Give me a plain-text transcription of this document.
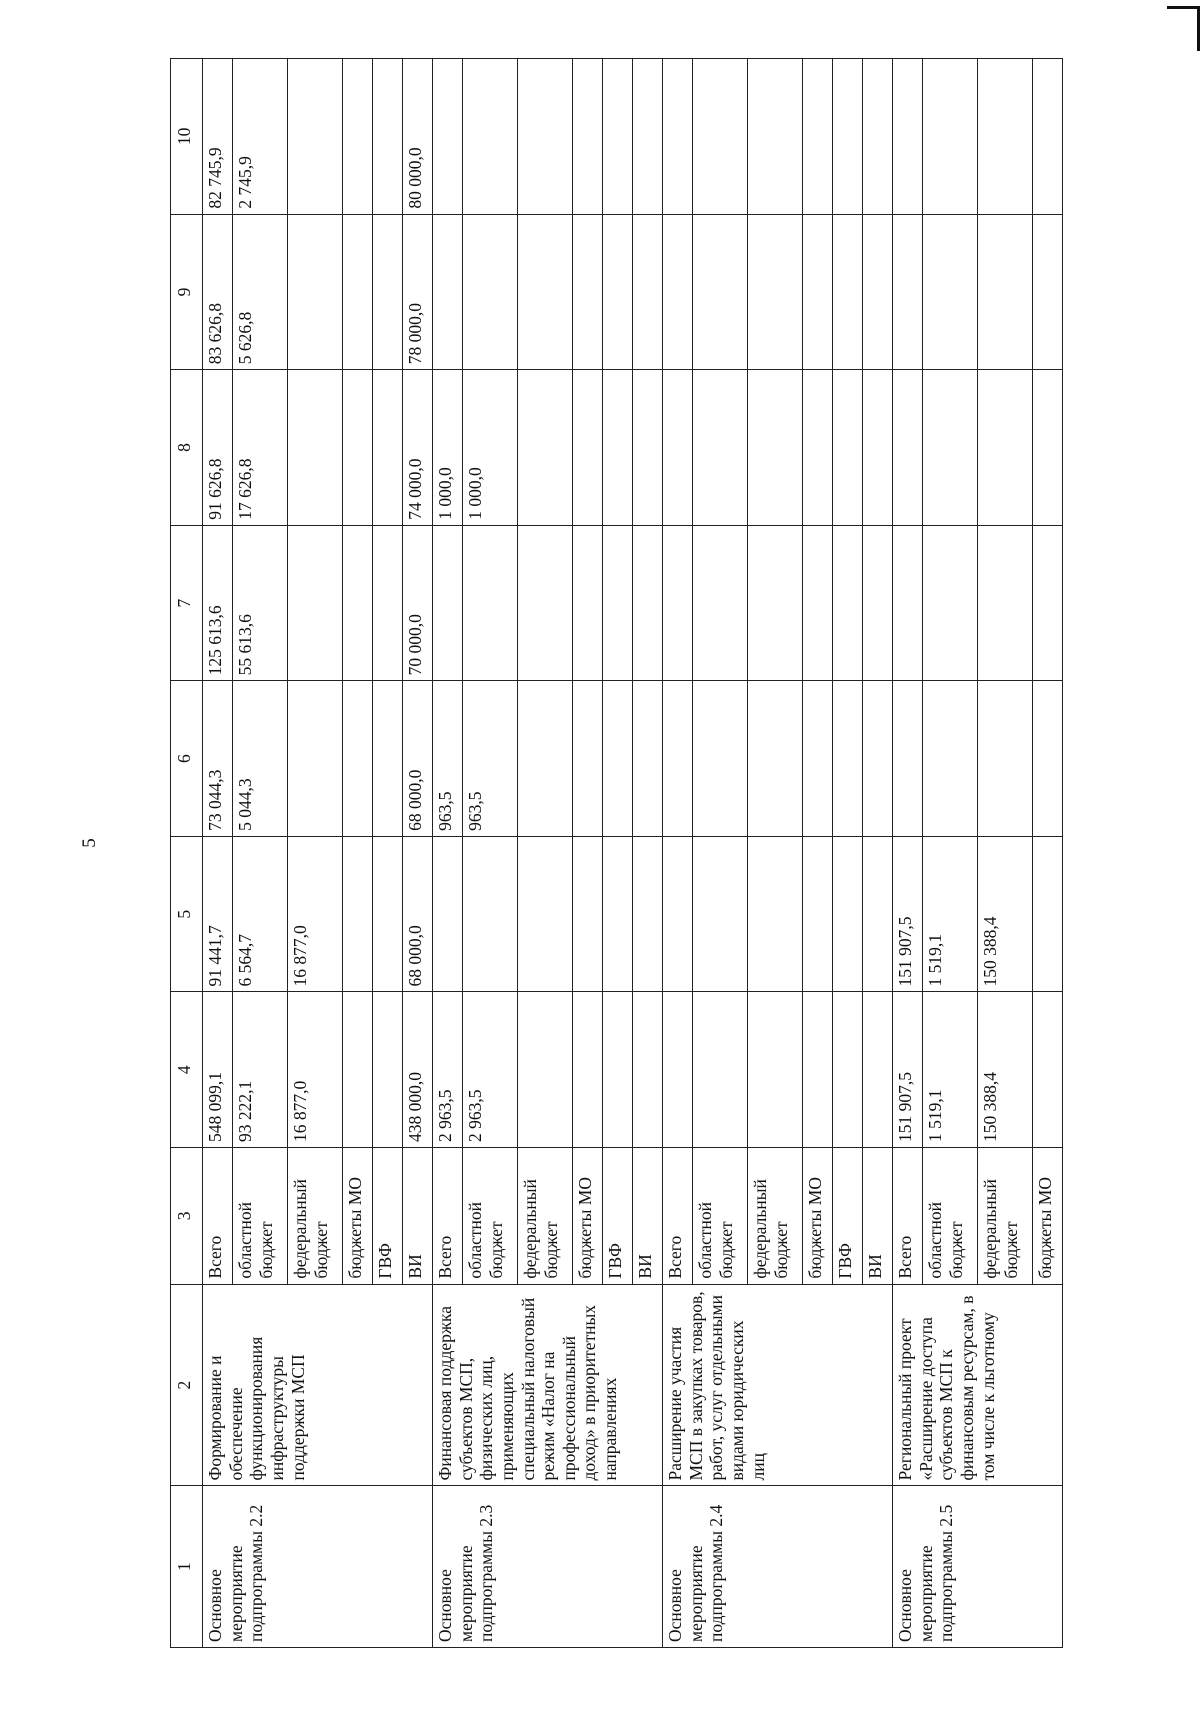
5
1	2	3	4	5	6	7	8	9	10
Основное мероприятие подпрограммы 2.2	Формирование и обеспечение функционирования инфраструктуры поддержки МСП	Всего	548 099,1	91 441,7	73 044,3	125 613,6	91 626,8	83 626,8	82 745,9
		областной бюджет	93 222,1	6 564,7	5 044,3	55 613,6	17 626,8	5 626,8	2 745,9
		федеральный бюджет	16 877,0	16 877,0					
		бюджеты МО							
		ГВФ							
		ВИ	438 000,0	68 000,0	68 000,0	70 000,0	74 000,0	78 000,0	80 000,0
Основное мероприятие подпрограммы 2.3	Финансовая поддержка субъектов МСП, физических лиц, применяющих специальный налоговый режим «Налог на профессиональный доход» в приоритетных направлениях	Всего	2 963,5		963,5		1 000,0		
		областной бюджет	2 963,5		963,5		1 000,0		
		федеральный бюджет							
		бюджеты МО							
		ГВФ							
		ВИ							
Основное мероприятие подпрограммы 2.4	Расширение участия МСП в закупках товаров, работ, услуг отдельными видами юридических лиц	Всего							
		областной бюджет							
		федеральный бюджет							
		бюджеты МО							
		ГВФ							
		ВИ							
Основное мероприятие подпрограммы 2.5	Региональный проект «Расширение доступа субъектов МСП к финансовым ресурсам, в том числе к льготному	Всего	151 907,5	151 907,5					
		областной бюджет	1 519,1	1 519,1					
		федеральный бюджет	150 388,4	150 388,4					
		бюджеты МО							
